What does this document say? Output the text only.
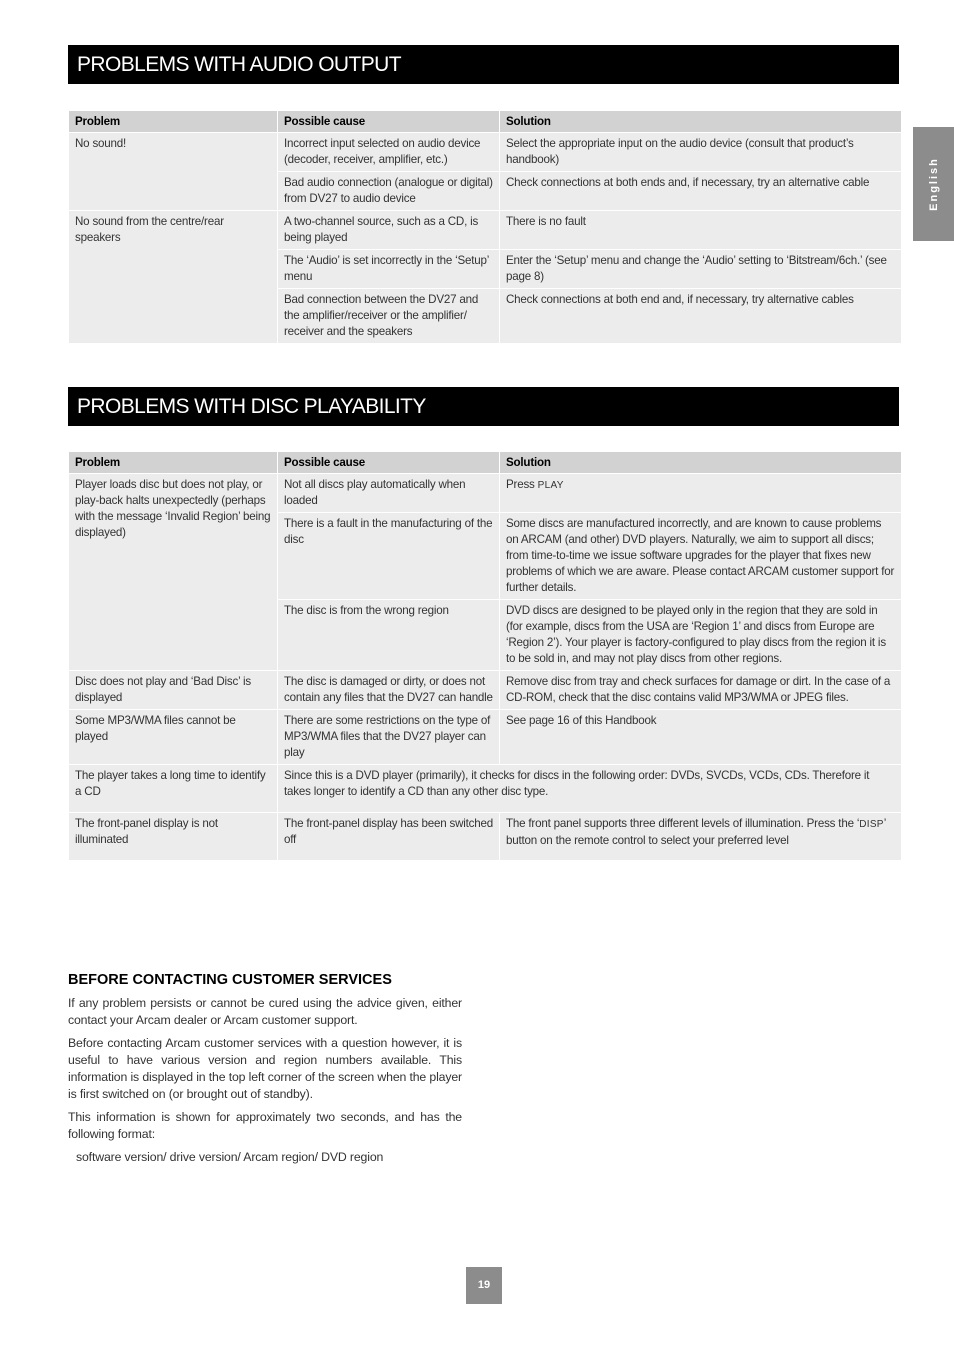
PROBLEMS WITH AUDIO OUTPUT
English
Problem	Possible cause	Solution
No sound!	Incorrect input selected on audio device (decoder, receiver, amplifier, etc.)	Select the appropriate input on the audio device (consult that product’s handbook)
	Bad audio connection (analogue or digital) from DV27 to audio device	Check connections at both ends and, if necessary, try an alternative cable
No sound from the centre/rear speakers	A two-channel source, such as a CD, is being played	There is no fault
	The ‘Audio’ is set incorrectly in the ‘Setup’ menu	Enter the ‘Setup’ menu and change the ‘Audio’ setting to ‘Bitstream/6ch.’ (see page 8)
	Bad connection between the DV27 and the amplifier/receiver or the amplifier/ receiver and the speakers	Check connections at both end and, if necessary, try alternative cables
PROBLEMS WITH DISC PLAYABILITY
Problem	Possible cause	Solution
Player loads disc but does not play, or play-back halts unexpectedly (perhaps with the message ‘Invalid Region’ being displayed)	Not all discs play automatically when loaded	Press PLAY
	There is a fault in the manufacturing of the disc	Some discs are manufactured incorrectly, and are known to cause problems on ARCAM (and other) DVD players. Naturally, we aim to support all discs; from time-to-time we issue software upgrades for the player that fixes new problems of which we are aware. Please contact ARCAM customer support for further details.
	The disc is from the wrong region	DVD discs are designed to be played only in the region that they are sold in (for example, discs from the USA are ‘Region 1’ and discs from Europe are ‘Region 2’). Your player is factory-configured to play discs from the region it is to be sold in, and may not play discs from other regions.
Disc does not play and ‘Bad Disc’ is displayed	The disc is damaged or dirty, or does not contain any files that the DV27 can handle	Remove disc from tray and check surfaces for damage or dirt. In the case of a CD-ROM, check that the disc contains valid MP3/WMA or JPEG files.
Some MP3/WMA files cannot be played	There are some restrictions on the type of MP3/WMA files that the DV27 player can play	See page 16 of this Handbook
The player takes a long time to identify a CD	Since this is a DVD player (primarily), it checks for discs in the following order: DVDs, SVCDs, VCDs, CDs. Therefore it takes longer to identify a CD than any other disc type.	
The front-panel display is not illuminated	The front-panel display has been switched off	The front panel supports three different levels of illumination. Press the ‘DISP’ button on the remote control to select your preferred level
BEFORE CONTACTING CUSTOMER SERVICES

If any problem persists or cannot be cured using the advice given, either contact your Arcam dealer or Arcam customer support.

Before contacting Arcam customer services with a question however, it is useful to have various version and region numbers available. This information is displayed in the top left corner of the screen when the player is first switched on (or brought out of standby).

This information is shown for approximately two seconds, and has the following format:

software version/ drive version/ Arcam region/ DVD region

19
